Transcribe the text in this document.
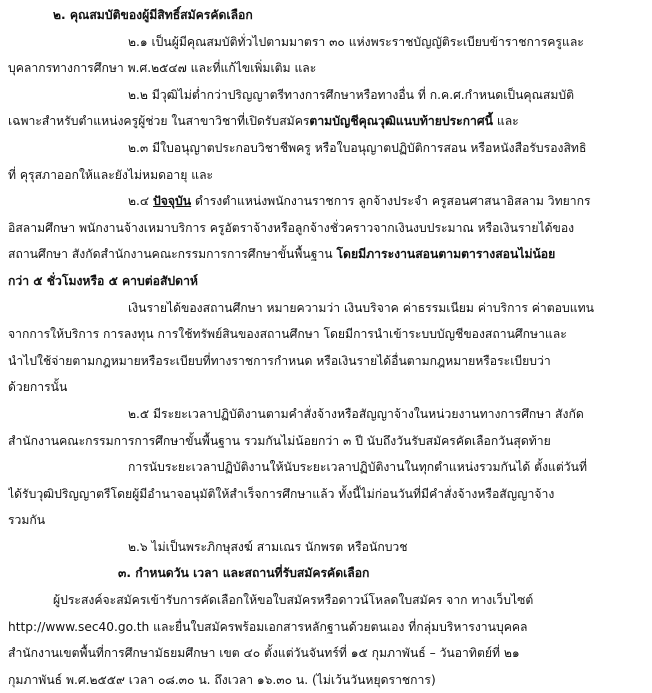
๒. คุณสมบัติของผู้มีสิทธิ์สมัครคัดเลือก
๒.๑ เป็นผู้มีคุณสมบัติทั่วไปตามมาตรา ๓๐ แห่งพระราชบัญญัติระเบียบข้าราชการครูและ
บุคลากรทางการศึกษา พ.ศ.๒๕๔๗ และที่แก้ไขเพิ่มเติม และ
๒.๒ มีวุฒิไม่ต่ำกว่าปริญญาตรีทางการศึกษาหรือทางอื่น ที่ ก.ค.ศ.กำหนดเป็นคุณสมบัติ
เฉพาะสำหรับตำแหน่งครูผู้ช่วย ในสาขาวิชาที่เปิดรับสมัครตามบัญชีคุณวุฒิแนบท้ายประกาศนี้ และ
๒.๓ มีใบอนุญาตประกอบวิชาชีพครู หรือใบอนุญาตปฏิบัติการสอน หรือหนังสือรับรองสิทธิ
ที่ คุรุสภาออกให้และยังไม่หมดอายุ และ
๒.๔ ปัจจุบัน ดำรงตำแหน่งพนักงานราชการ ลูกจ้างประจำ ครูสอนศาสนาอิสลาม วิทยากร
อิสลามศึกษา พนักงานจ้างเหมาบริการ ครูอัตราจ้างหรือลูกจ้างชั่วคราวจากเงินงบประมาณ หรือเงินรายได้ของ
สถานศึกษา สังกัดสำนักงานคณะกรรมการการศึกษาขั้นพื้นฐาน โดยมีภาระงานสอนตามตารางสอนไม่น้อย
กว่า ๕ ชั่วโมงหรือ ๕ คาบต่อสัปดาห์
เงินรายได้ของสถานศึกษา หมายความว่า เงินบริจาค ค่าธรรมเนียม ค่าบริการ ค่าตอบแทน
จากการให้บริการ การลงทุน การใช้ทรัพย์สินของสถานศึกษา โดยมีการนำเข้าระบบบัญชีของสถานศึกษาและ
นำไปใช้จ่ายตามกฎหมายหรือระเบียบที่ทางราชการกำหนด หรือเงินรายได้อื่นตามกฎหมายหรือระเบียบว่า
ด้วยการนั้น
๒.๕ มีระยะเวลาปฏิบัติงานตามคำสั่งจ้างหรือสัญญาจ้างในหน่วยงานทางการศึกษา สังกัด
สำนักงานคณะกรรมการการศึกษาขั้นพื้นฐาน รวมกันไม่น้อยกว่า ๓ ปี นับถึงวันรับสมัครคัดเลือกวันสุดท้าย
การนับระยะเวลาปฏิบัติงานให้นับระยะเวลาปฏิบัติงานในทุกตำแหน่งรวมกันได้ ตั้งแต่วันที่
ได้รับวุฒิปริญญาตรีโดยผู้มีอำนาจอนุมัติให้สำเร็จการศึกษาแล้ว ทั้งนี้ไม่ก่อนวันที่มีคำสั่งจ้างหรือสัญญาจ้าง
รวมกัน
๒.๖ ไม่เป็นพระภิกษุสงฆ์ สามเณร นักพรต หรือนักบวช
๓. กำหนดวัน เวลา และสถานที่รับสมัครคัดเลือก
ผู้ประสงค์จะสมัครเข้ารับการคัดเลือกให้ขอใบสมัครหรือดาวน์โหลดใบสมัคร จาก ทางเว็บไซต์
http://www.sec40.go.th และยื่นใบสมัครพร้อมเอกสารหลักฐานด้วยตนเอง ที่กลุ่มบริหารงานบุคคล
สำนักงานเขตพื้นที่การศึกษามัธยมศึกษา เขต ๔๐ ตั้งแต่วันจันทร์ที่ ๑๕ กุมภาพันธ์ – วันอาทิตย์ที่ ๒๑
กุมภาพันธ์ พ.ศ.๒๕๕๙ เวลา ๐๘.๓๐ น. ถึงเวลา ๑๖.๓๐ น. (ไม่เว้นวันหยุดราชการ)
